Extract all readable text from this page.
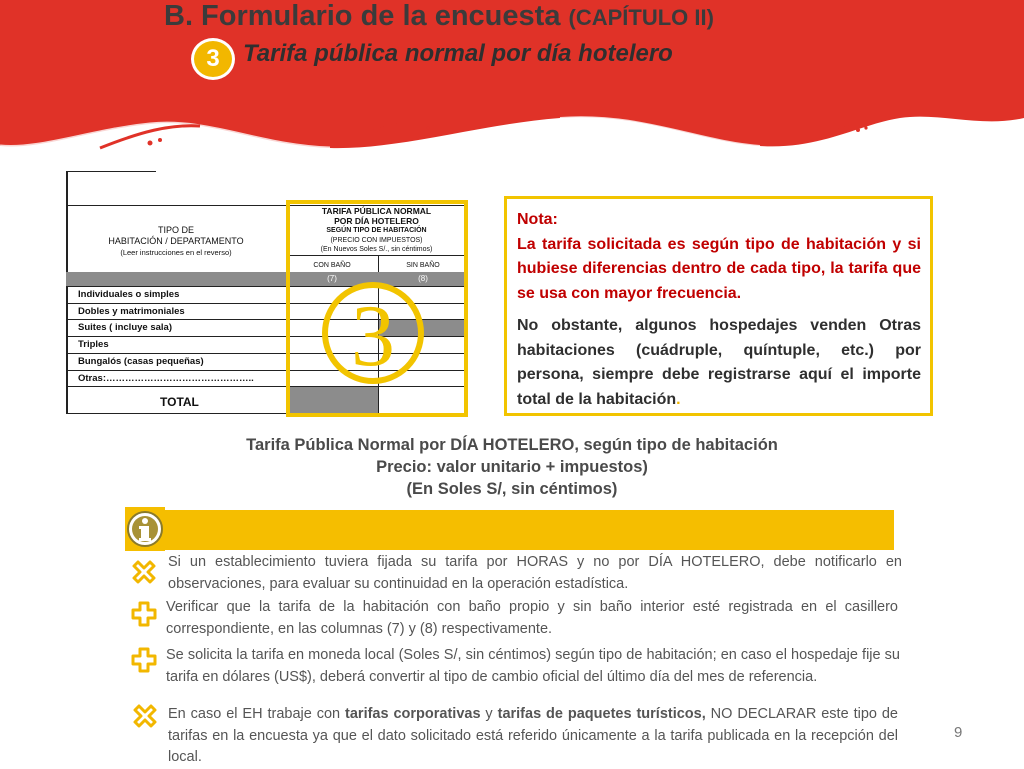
B. Formulario de la encuesta (CAPÍTULO II)
3 Tarifa pública normal por día hotelero
TIPO DE
HABITACIÓN / DEPARTAMENTO
(Leer instrucciones en el reverso)
TARIFA PÚBLICA NORMAL
POR DÍA HOTELERO
SEGÚN TIPO DE HABITACIÓN
(PRECIO CON IMPUESTOS)
(En Nuevos Soles S/., sin céntimos)
CON BAÑO	SIN BAÑO
(7)	(8)
Individuales o simples
Dobles y matrimoniales
Suites ( incluye sala)
Triples
Bungalós (casas pequeñas)
Otras:………………………………………..
TOTAL
3

Nota:

La tarifa solicitada es según tipo de habitación y si hubiese diferencias dentro de cada tipo, la tarifa que se usa con mayor frecuencia.

No obstante, algunos hospedajes venden Otras habitaciones (cuádruple, quíntuple, etc.) por persona, siempre debe registrarse aquí el importe total de la habitación.

Tarifa Pública Normal por DÍA HOTELERO, según tipo de habitación
Precio: valor unitario + impuestos)
(En Soles S/, sin céntimos)
Si un establecimiento tuviera fijada su tarifa por HORAS y no por DÍA HOTELERO, debe notificarlo en observaciones, para evaluar su continuidad en la operación estadística.
Verificar que la tarifa de la habitación con baño propio y sin baño interior esté registrada en el casillero correspondiente, en las columnas (7) y (8) respectivamente.
Se solicita la tarifa en moneda local (Soles S/, sin céntimos) según tipo de habitación; en caso el hospedaje fije su tarifa en dólares (US$), deberá convertir al tipo de cambio oficial del último día del mes de referencia.
En caso el EH trabaje con tarifas corporativas y tarifas de paquetes turísticos, NO DECLARAR este tipo de tarifas en la encuesta ya que el dato solicitado está referido únicamente a la tarifa publicada en la recepción del local.
9
